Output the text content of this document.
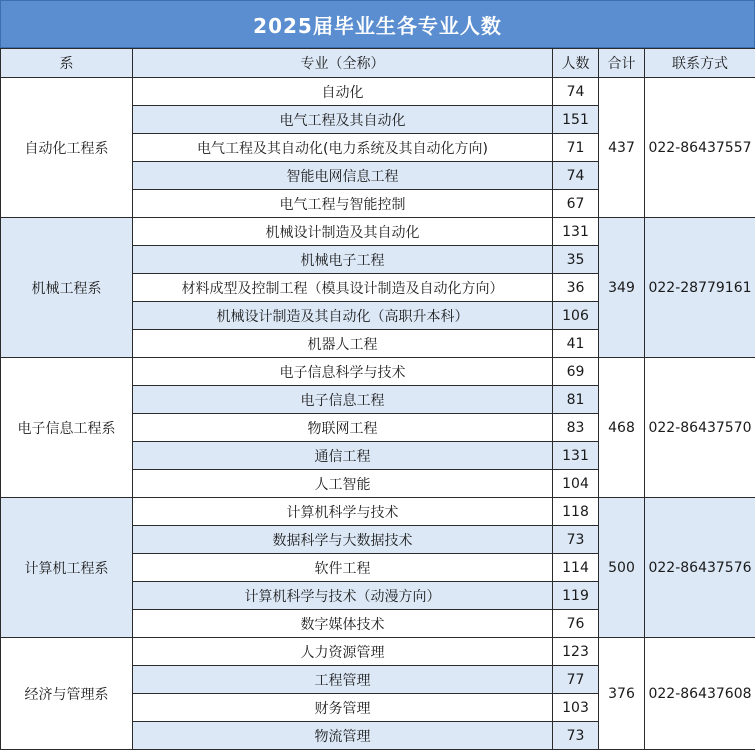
2025届毕业生各专业人数
系	专业（全称）	人数	合计	联系方式
自动化工程系	自动化	74	437	022-86437557
	电气工程及其自动化	151		
	电气工程及其自动化(电力系统及其自动化方向)	71		
	智能电网信息工程	74		
	电气工程与智能控制	67		
机械工程系	机械设计制造及其自动化	131	349	022-28779161
	机械电子工程	35		
	材料成型及控制工程（模具设计制造及自动化方向）	36		
	机械设计制造及其自动化（高职升本科）	106		
	机器人工程	41		
电子信息工程系	电子信息科学与技术	69	468	022-86437570
	电子信息工程	81		
	物联网工程	83		
	通信工程	131		
	人工智能	104		
计算机工程系	计算机科学与技术	118	500	022-86437576
	数据科学与大数据技术	73		
	软件工程	114		
	计算机科学与技术（动漫方向）	119		
	数字媒体技术	76		
经济与管理系	人力资源管理	123	376	022-86437608
	工程管理	77		
	财务管理	103		
	物流管理	73		
